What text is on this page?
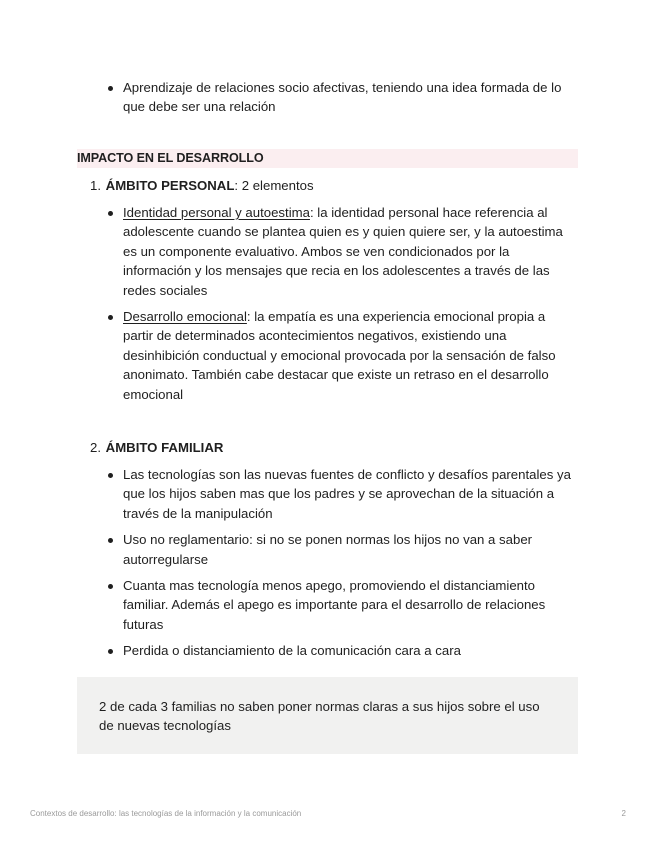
Aprendizaje de relaciones socio afectivas, teniendo una idea formada de lo que debe ser una relación
IMPACTO EN EL DESARROLLO
1. ÁMBITO PERSONAL: 2 elementos
Identidad personal y autoestima: la identidad personal hace referencia al adolescente cuando se plantea quien es y quien quiere ser, y la autoestima es un componente evaluativo. Ambos se ven condicionados por la información y los mensajes que recia en los adolescentes a través de las redes sociales
Desarrollo emocional: la empatía es una experiencia emocional propia a partir de determinados acontecimientos negativos, existiendo una desinhibición conductual y emocional provocada por la sensación de falso anonimato. También cabe destacar que existe un retraso en el desarrollo emocional
2. ÁMBITO FAMILIAR
Las tecnologías son las nuevas fuentes de conflicto y desafíos parentales ya que los hijos saben mas que los padres y se aprovechan de la situación a través de la manipulación
Uso no reglamentario: si no se ponen normas los hijos no van a saber autorregularse
Cuanta mas tecnología menos apego, promoviendo el distanciamiento familiar. Además el apego es importante para el desarrollo de relaciones futuras
Perdida o distanciamiento de la comunicación cara a cara
2 de cada 3 familias no saben poner normas claras a sus hijos sobre el uso de nuevas tecnologías
Contextos de desarrollo: las tecnologías de la información y la comunicación	2
